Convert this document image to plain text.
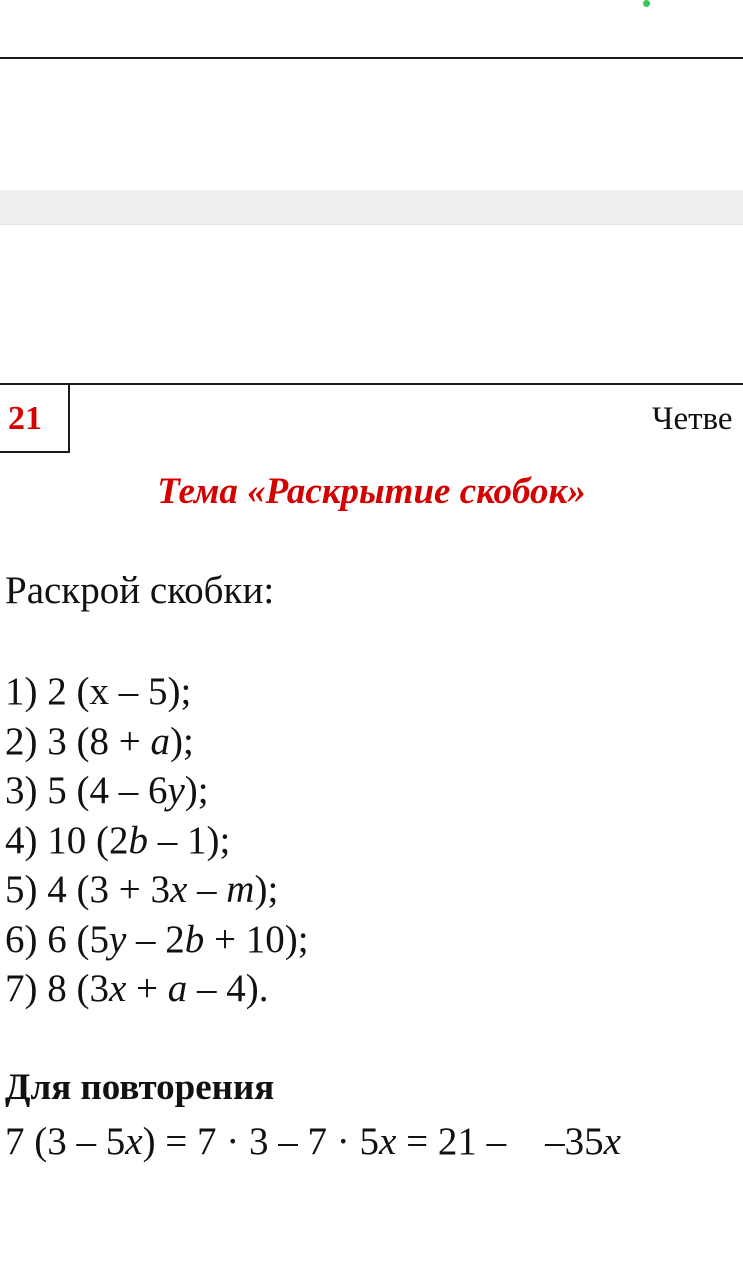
21	Четве
Тема «Раскрытие скобок»
Раскрой скобки:
1) 2 (x – 5);
2) 3 (8 + a);
3) 5 (4 – 6y);
4) 10 (2b – 1);
5) 4 (3 + 3x – m);
6) 6 (5y – 2b + 10);
7) 8 (3x + a – 4).
Для повторения
7 (3 – 5x) = 7 · 3 – 7 · 5x = 21 –    –35x
